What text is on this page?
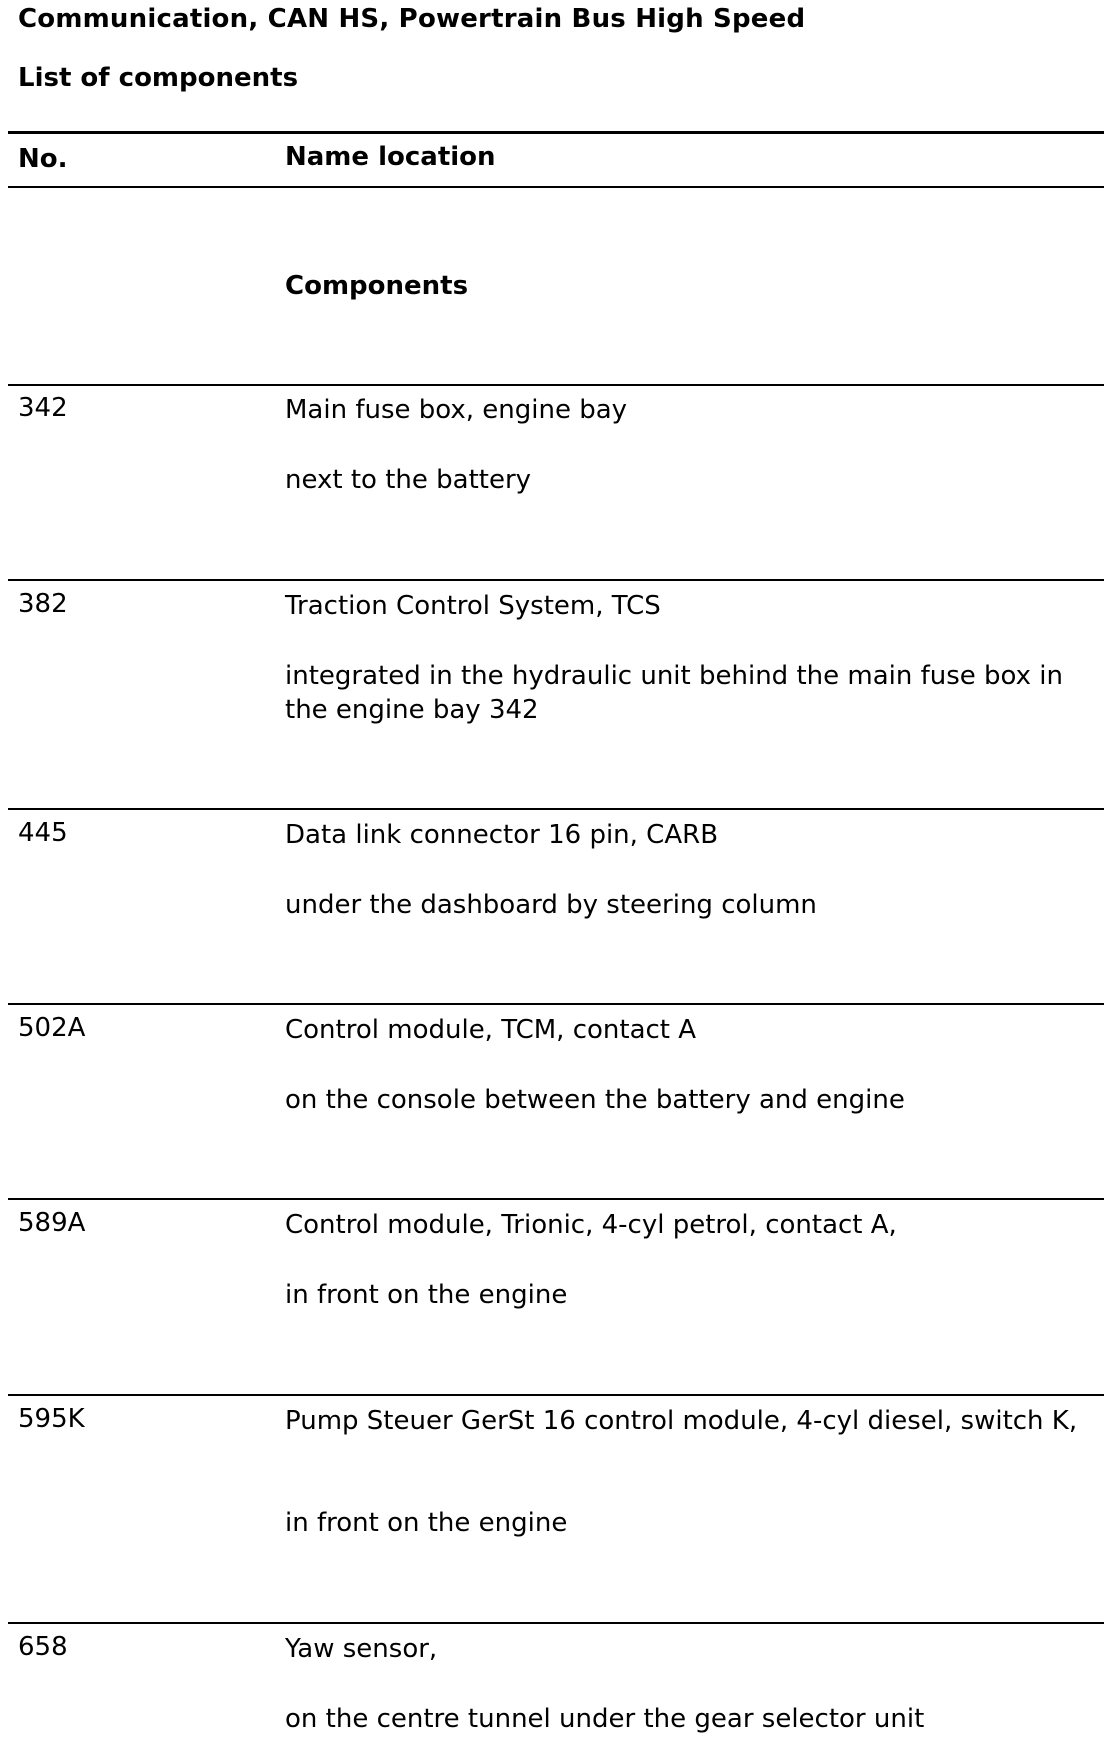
Communication, CAN HS, Powertrain Bus High Speed
List of components
No.	Name location
Components
342	Main fuse box, engine bay
next to the battery
382	Traction Control System, TCS
integrated in the hydraulic unit behind the main fuse box in the engine bay 342
445	Data link connector 16 pin, CARB
under the dashboard by steering column
502A	Control module, TCM, contact A
on the console between the battery and engine
589A	Control module, Trionic, 4-cyl petrol, contact A,
in front on the engine
595K	Pump Steuer GerSt 16 control module, 4-cyl diesel, switch K,
in front on the engine
658	Yaw sensor,
on the centre tunnel under the gear selector unit
